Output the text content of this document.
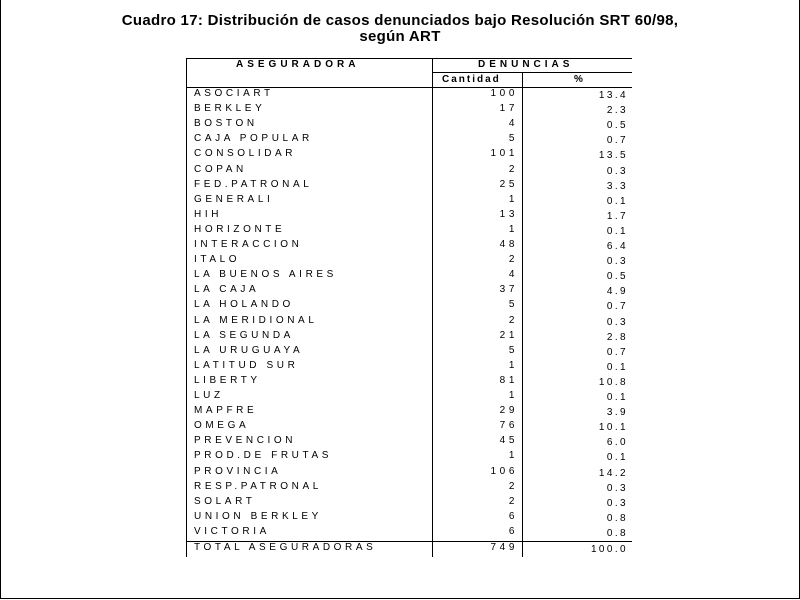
Cuadro 17: Distribución de casos denunciados bajo Resolución SRT 60/98,
según ART
ASEGURADORA	DENUNCIAS
Cantidad	%
ASOCIART	100	13.4
BERKLEY	17	2.3
BOSTON	4	0.5
CAJA POPULAR	5	0.7
CONSOLIDAR	101	13.5
COPAN	2	0.3
FED.PATRONAL	25	3.3
GENERALI	1	0.1
HIH	13	1.7
HORIZONTE	1	0.1
INTERACCION	48	6.4
ITALO	2	0.3
LA BUENOS AIRES	4	0.5
LA CAJA	37	4.9
LA HOLANDO	5	0.7
LA MERIDIONAL	2	0.3
LA SEGUNDA	21	2.8
LA URUGUAYA	5	0.7
LATITUD SUR	1	0.1
LIBERTY	81	10.8
LUZ	1	0.1
MAPFRE	29	3.9
OMEGA	76	10.1
PREVENCION	45	6.0
PROD.DE FRUTAS	1	0.1
PROVINCIA	106	14.2
RESP.PATRONAL	2	0.3
SOLART	2	0.3
UNION BERKLEY	6	0.8
VICTORIA	6	0.8
TOTAL ASEGURADORAS	749	100.0
